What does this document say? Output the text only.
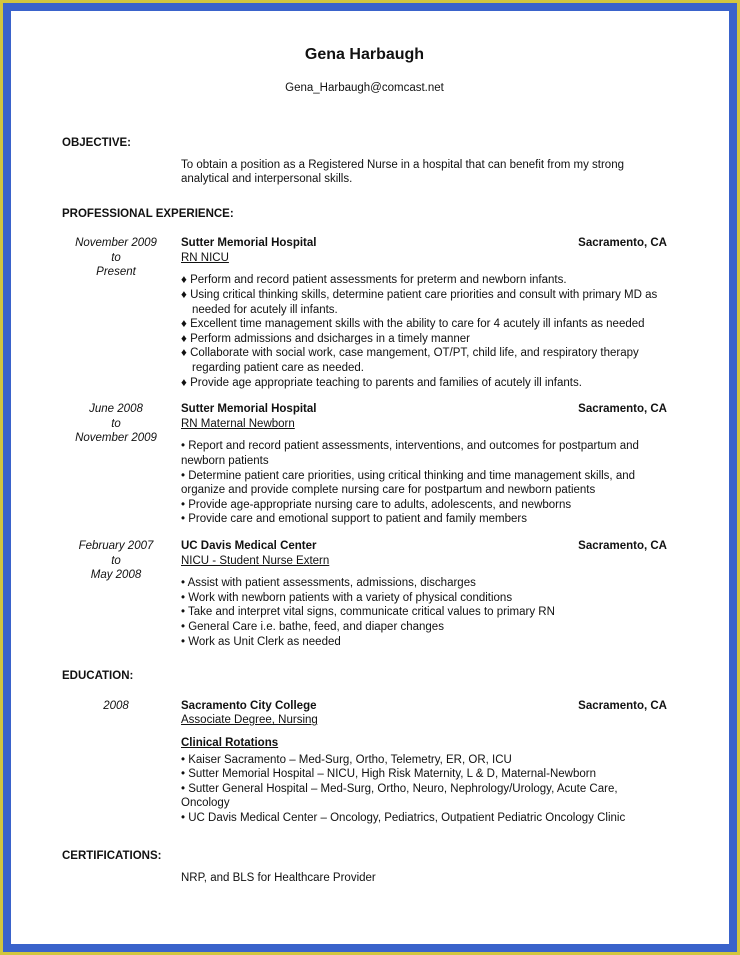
Gena Harbaugh
Gena_Harbaugh@comcast.net
OBJECTIVE:
To obtain a position as a Registered Nurse in a hospital that can benefit from my strong analytical and interpersonal skills.
PROFESSIONAL EXPERIENCE:
November 2009
to
Present
Sutter Memorial Hospital	Sacramento, CA
RN NICU
♦ Perform and record patient assessments for preterm and newborn infants.
♦ Using critical thinking skills, determine patient care priorities and consult with primary MD as needed for acutely ill infants.
♦ Excellent time management skills with the ability to care for 4 acutely ill infants as needed
♦ Perform admissions and dsicharges in a timely manner
♦ Collaborate with social work, case mangement, OT/PT, child life, and respiratory therapy regarding patient care as needed.
♦ Provide age appropriate teaching to parents and families of acutely ill infants.
June 2008
to
November 2009
Sutter Memorial Hospital	Sacramento, CA
RN Maternal Newborn
• Report and record patient assessments, interventions, and outcomes for postpartum and newborn patients
• Determine patient care priorities, using critical thinking and time management skills, and organize and provide complete nursing care for postpartum and newborn patients
• Provide age-appropriate nursing care to adults, adolescents, and newborns
• Provide care and emotional support to patient and family members
February 2007
to
May 2008
UC Davis Medical Center	Sacramento, CA
NICU - Student Nurse Extern
• Assist with patient assessments, admissions, discharges
• Work with newborn patients with a variety of physical conditions
• Take and interpret vital signs, communicate critical values to primary RN
• General Care i.e. bathe, feed, and diaper changes
• Work as Unit Clerk as needed
EDUCATION:
2008	Sacramento City College	Sacramento, CA
Associate Degree, Nursing
Clinical Rotations
• Kaiser Sacramento – Med-Surg, Ortho, Telemetry, ER, OR, ICU
• Sutter Memorial Hospital – NICU, High Risk Maternity, L & D, Maternal-Newborn
• Sutter General Hospital – Med-Surg, Ortho, Neuro, Nephrology/Urology, Acute Care, Oncology
• UC Davis Medical Center – Oncology, Pediatrics, Outpatient Pediatric Oncology Clinic
CERTIFICATIONS:
NRP, and BLS for Healthcare Provider
